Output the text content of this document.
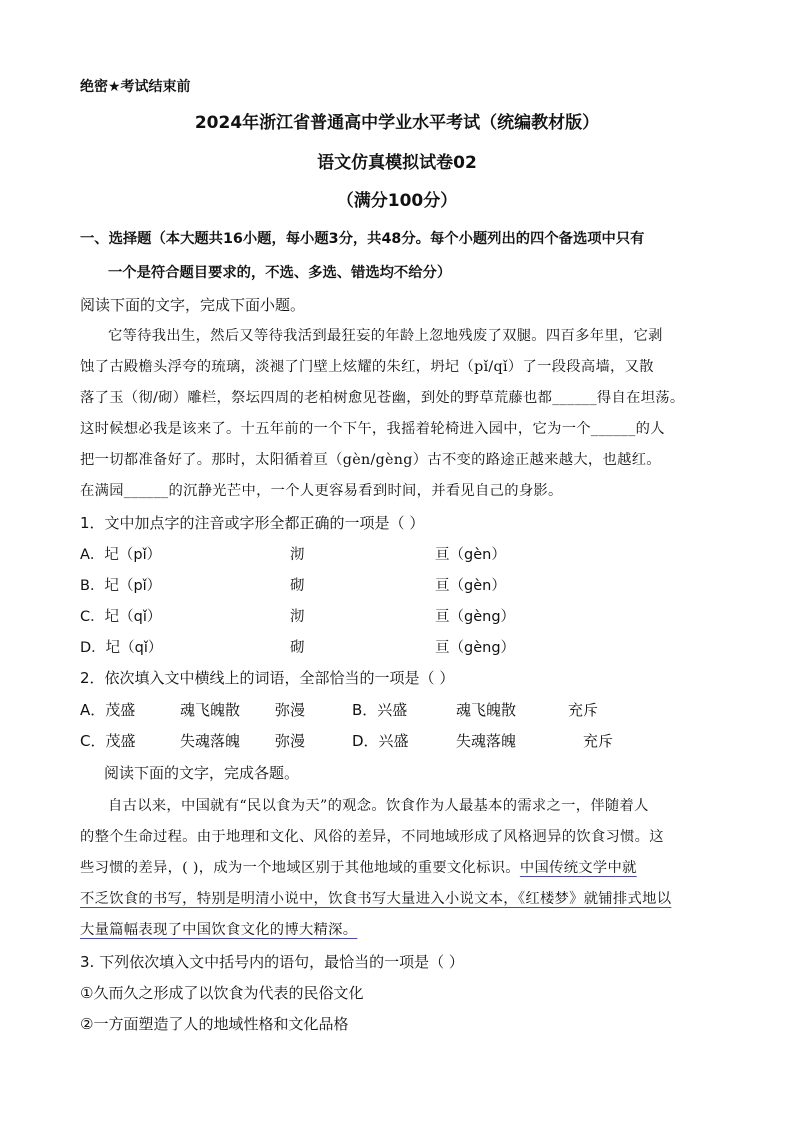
绝密★考试结束前
2024年浙江省普通高中学业水平考试（统编教材版）
语文仿真模拟试卷02
（满分100分）
一、选择题（本大题共16小题，每小题3分，共48分。每个小题列出的四个备选项中只有
一个是符合题目要求的，不选、多选、错选均不给分）
阅读下面的文字，完成下面小题。
它等待我出生，然后又等待我活到最狂妄的年龄上忽地残废了双腿。四百多年里，它剥
蚀了古殿檐头浮夸的琉璃，淡褪了门壁上炫耀的朱红，坍圮（pǐ/qǐ）了一段段高墙，又散
落了玉（彻/砌）雕栏，祭坛四周的老柏树愈见苍幽，到处的野草荒藤也都______得自在坦荡。
这时候想必我是该来了。十五年前的一个下午，我摇着轮椅进入园中，它为一个______的人
把一切都准备好了。那时，太阳循着亘（gèn/gèng）古不变的路途正越来越大，也越红。
在满园______的沉静光芒中，一个人更容易看到时间，并看见自己的身影。
1．文中加点字的注音或字形全都正确的一项是（ ）
A．圮（pǐ）	沏	亘（gèn）
B．圮（pǐ）	砌	亘（gèn）
C．圮（qǐ）	沏	亘（gèng）
D．圮（qǐ）	砌	亘（gèng）
2．依次填入文中横线上的词语，全部恰当的一项是（ ）
A．茂盛	魂飞魄散 弥漫	B．兴盛	魂飞魄散	充斥
C．茂盛	失魂落魄 弥漫	D．兴盛	失魂落魄	充斥
阅读下面的文字，完成各题。
自古以来，中国就有“民以食为天”的观念。饮食作为人最基本的需求之一，伴随着人
的整个生命过程。由于地理和文化、风俗的差异，不同地域形成了风格迥异的饮食习惯。这
些习惯的差异，( )，成为一个地域区别于其他地域的重要文化标识。中国传统文学中就
不乏饮食的书写，特别是明清小说中，饮食书写大量进入小说文本，《红楼梦》就铺排式地以
大量篇幅表现了中国饮食文化的博大精深。
3. 下列依次填入文中括号内的语句，最恰当的一项是（ ）
①久而久之形成了以饮食为代表的民俗文化
②一方面塑造了人的地域性格和文化品格
